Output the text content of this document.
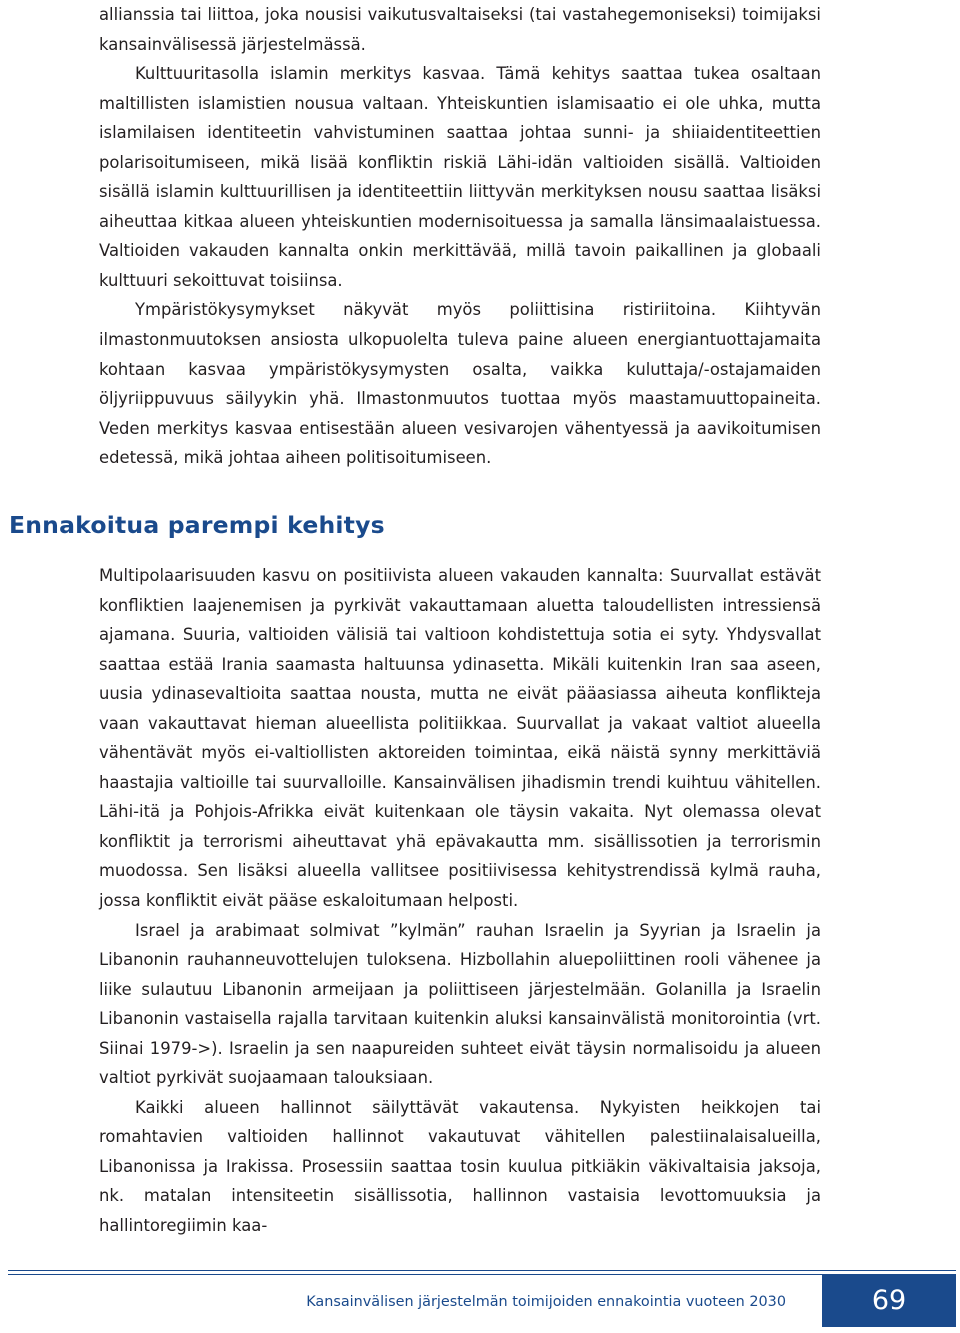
allianssia tai liittoa, joka nousisi vaikutusvaltaiseksi (tai vastahegemoniseksi) toimijaksi kansainvälisessä järjestelmässä.

Kulttuuritasolla islamin merkitys kasvaa. Tämä kehitys saattaa tukea osaltaan maltillisten islamistien nousua valtaan. Yhteiskuntien islamisaatio ei ole uhka, mutta islamilaisen identiteetin vahvistuminen saattaa johtaa sunni- ja shiiaidentiteettien polarisoitumiseen, mikä lisää konfliktin riskiä Lähi-idän valtioiden sisällä. Valtioiden sisällä islamin kulttuurillisen ja identiteettiin liittyvän merkityksen nousu saattaa lisäksi aiheuttaa kitkaa alueen yhteiskuntien modernisoituessa ja samalla länsimaalaistuessa. Valtioiden vakauden kannalta onkin merkittävää, millä tavoin paikallinen ja globaali kulttuuri sekoittuvat toisiinsa.

Ympäristökysymykset näkyvät myös poliittisina ristiriitoina. Kiihtyvän ilmastonmuutoksen ansiosta ulkopuolelta tuleva paine alueen energiantuottajamaita kohtaan kasvaa ympäristökysymysten osalta, vaikka kuluttaja/-ostajamaiden öljyriippuvuus säilyykin yhä. Ilmastonmuutos tuottaa myös maastamuuttopaineita. Veden merkitys kasvaa entisestään alueen vesivarojen vähentyessä ja aavikoitumisen edetessä, mikä johtaa aiheen politisoitumiseen.

Ennakoitua parempi kehitys

Multipolaarisuuden kasvu on positiivista alueen vakauden kannalta: Suurvallat estävät konfliktien laajenemisen ja pyrkivät vakauttamaan aluetta taloudellisten intressiensä ajamana. Suuria, valtioiden välisiä tai valtioon kohdistettuja sotia ei syty. Yhdysvallat saattaa estää Irania saamasta haltuunsa ydinasetta. Mikäli kuitenkin Iran saa aseen, uusia ydinasevaltioita saattaa nousta, mutta ne eivät pääasiassa aiheuta konflikteja vaan vakauttavat hieman alueellista politiikkaa. Suurvallat ja vakaat valtiot alueella vähentävät myös ei-valtiollisten aktoreiden toimintaa, eikä näistä synny merkittäviä haastajia valtioille tai suurvalloille. Kansainvälisen jihadismin trendi kuihtuu vähitellen. Lähi-itä ja Pohjois-Afrikka eivät kuitenkaan ole täysin vakaita. Nyt olemassa olevat konfliktit ja terrorismi aiheuttavat yhä epävakautta mm. sisällissotien ja terrorismin muodossa. Sen lisäksi alueella vallitsee positiivisessa kehitystrendissä kylmä rauha, jossa konfliktit eivät pääse eskaloitumaan helposti.

Israel ja arabimaat solmivat ”kylmän” rauhan Israelin ja Syyrian ja Israelin ja Libanonin rauhanneuvottelujen tuloksena. Hizbollahin aluepoliittinen rooli vähenee ja liike sulautuu Libanonin armeijaan ja poliittiseen järjestelmään. Golanilla ja Israelin Libanonin vastaisella rajalla tarvitaan kuitenkin aluksi kansainvälistä monitorointia (vrt. Siinai 1979->). Israelin ja sen naapureiden suhteet eivät täysin normalisoidu ja alueen valtiot pyrkivät suojaamaan talouksiaan.

Kaikki alueen hallinnot säilyttävät vakautensa. Nykyisten heikkojen tai romahtavien valtioiden hallinnot vakautuvat vähitellen palestiinalaisalueilla, Libanonissa ja Irakissa. Prosessiin saattaa tosin kuulua pitkiäkin väkivaltaisia jaksoja, nk. matalan intensiteetin sisällissotia, hallinnon vastaisia levottomuuksia ja hallintoregiimin kaa-

Kansainvälisen järjestelmän toimijoiden ennakointia vuoteen 2030	69
